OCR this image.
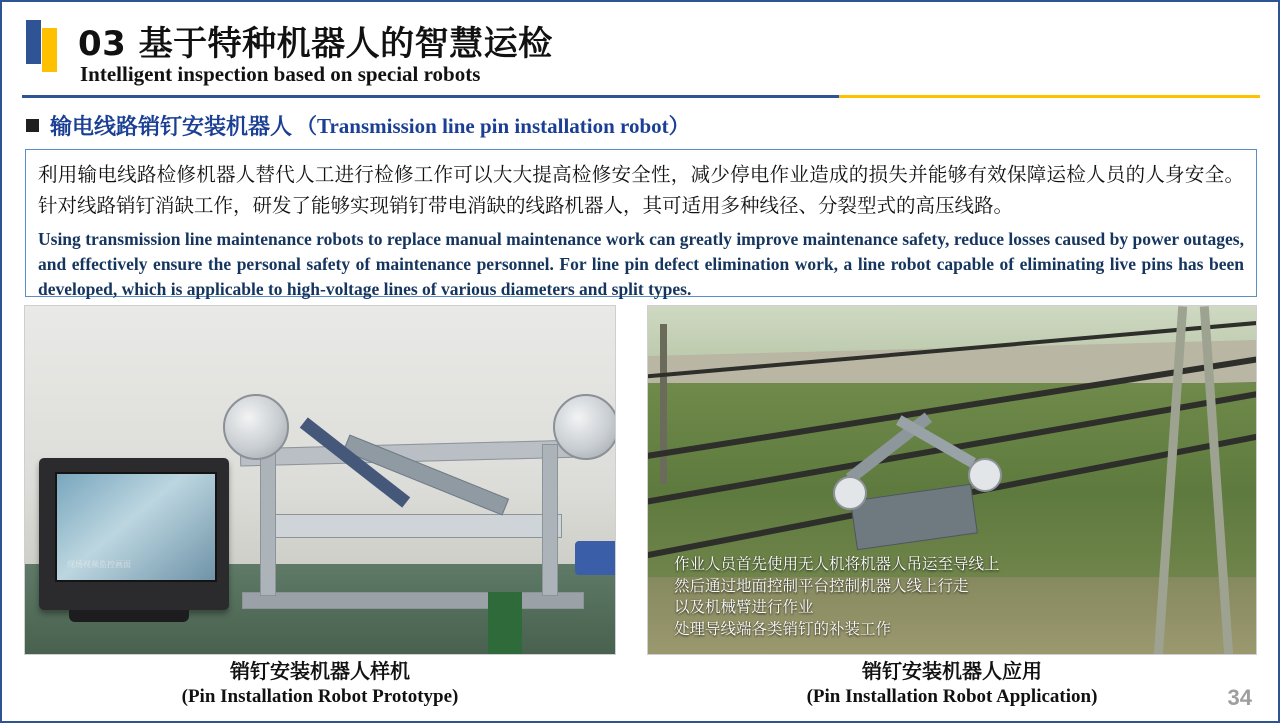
03 基于特种机器人的智慧运检
Intelligent inspection based on special robots
输电线路销钉安装机器人 （Transmission line pin installation robot）

利用输电线路检修机器人替代人工进行检修工作可以大大提高检修安全性，减少停电作业造成的损失并能够有效保障运检人员的人身安全。针对线路销钉消缺工作，研发了能够实现销钉带电消缺的线路机器人，其可适用多种线径、分裂型式的高压线路。

Using transmission line maintenance robots to replace manual maintenance work can greatly improve maintenance safety, reduce losses caused by power outages, and effectively ensure the personal safety of maintenance personnel. For line pin defect elimination work, a line robot capable of eliminating live pins has been developed, which is applicable to high-voltage lines of various diameters and split types.

现场视频监控画面	作业人员首先使用无人机将机器人吊运至导线上
然后通过地面控制平台控制机器人线上行走
以及机械臂进行作业
处理导线端各类销钉的补装工作
销钉安装机器人样机
(Pin Installation Robot Prototype)
销钉安装机器人应用
(Pin Installation Robot Application)	34
